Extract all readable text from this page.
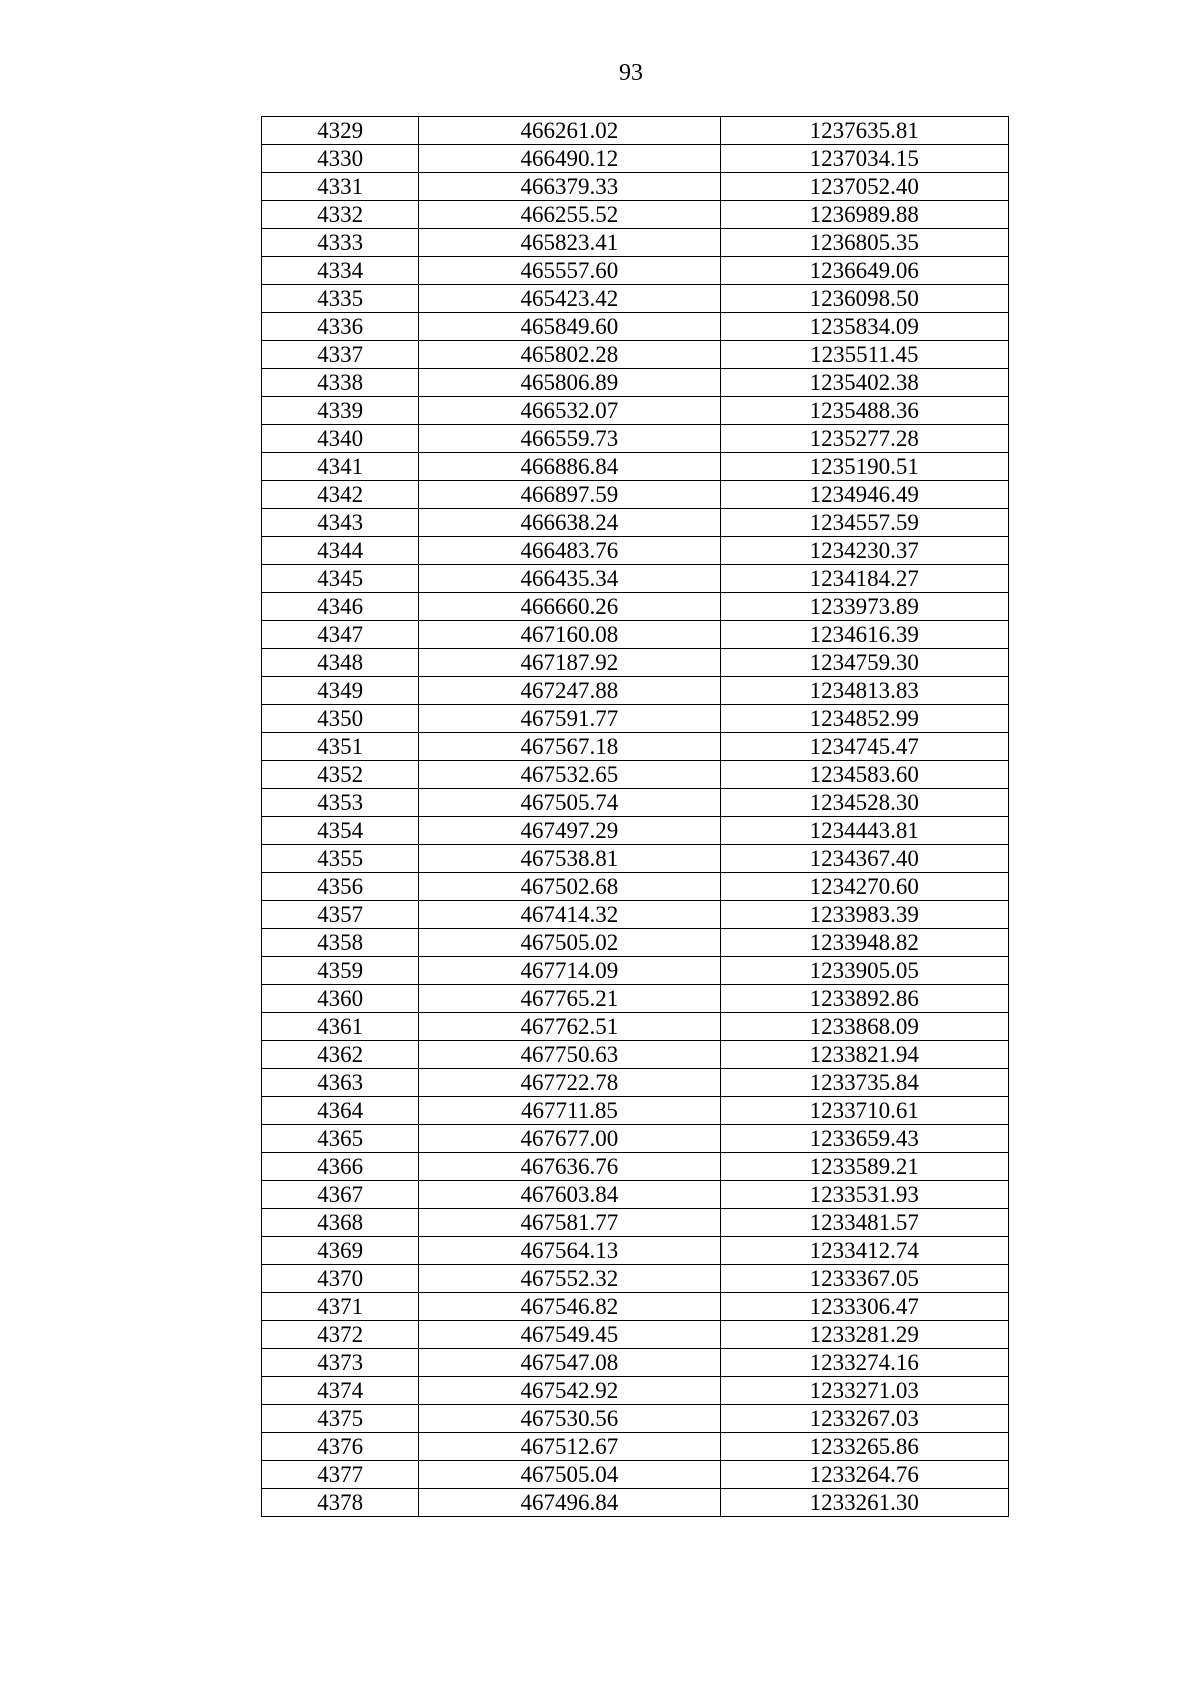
93
4329	466261.02	1237635.81
4330	466490.12	1237034.15
4331	466379.33	1237052.40
4332	466255.52	1236989.88
4333	465823.41	1236805.35
4334	465557.60	1236649.06
4335	465423.42	1236098.50
4336	465849.60	1235834.09
4337	465802.28	1235511.45
4338	465806.89	1235402.38
4339	466532.07	1235488.36
4340	466559.73	1235277.28
4341	466886.84	1235190.51
4342	466897.59	1234946.49
4343	466638.24	1234557.59
4344	466483.76	1234230.37
4345	466435.34	1234184.27
4346	466660.26	1233973.89
4347	467160.08	1234616.39
4348	467187.92	1234759.30
4349	467247.88	1234813.83
4350	467591.77	1234852.99
4351	467567.18	1234745.47
4352	467532.65	1234583.60
4353	467505.74	1234528.30
4354	467497.29	1234443.81
4355	467538.81	1234367.40
4356	467502.68	1234270.60
4357	467414.32	1233983.39
4358	467505.02	1233948.82
4359	467714.09	1233905.05
4360	467765.21	1233892.86
4361	467762.51	1233868.09
4362	467750.63	1233821.94
4363	467722.78	1233735.84
4364	467711.85	1233710.61
4365	467677.00	1233659.43
4366	467636.76	1233589.21
4367	467603.84	1233531.93
4368	467581.77	1233481.57
4369	467564.13	1233412.74
4370	467552.32	1233367.05
4371	467546.82	1233306.47
4372	467549.45	1233281.29
4373	467547.08	1233274.16
4374	467542.92	1233271.03
4375	467530.56	1233267.03
4376	467512.67	1233265.86
4377	467505.04	1233264.76
4378	467496.84	1233261.30
